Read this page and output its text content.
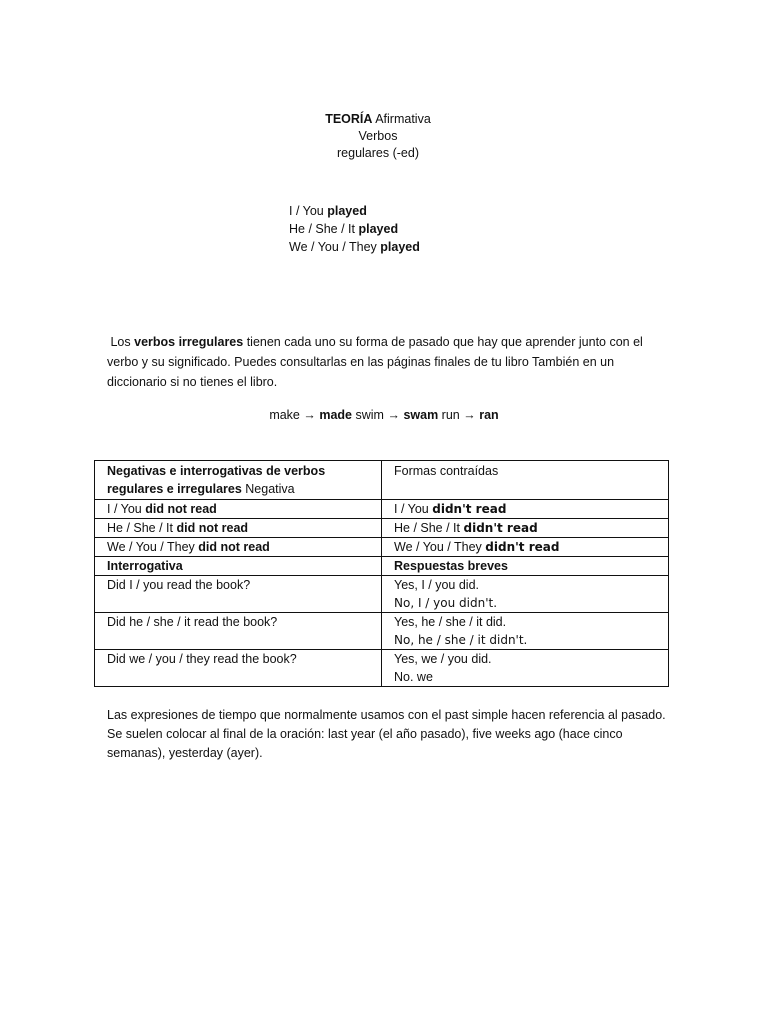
TEORÍA Afirmativa
Verbos
regulares (-ed)
I / You played
He / She / It played
We / You / They played
Los verbos irregulares tienen cada uno su forma de pasado que hay que aprender junto con el verbo y su significado. Puedes consultarlas en las páginas finales de tu libro También en un diccionario si no tienes el libro.
make → made swim → swam run → ran
Negativas e interrogativas de verbos regulares e irregulares Negativa	Formas contraídas
I / You did not read	I / You didn't read
He / She / It did not read	He / She / It didn't read
We / You / They did not read	We / You / They didn't read
Interrogativa	Respuestas breves
Did I / you read the book?	Yes, I / you did.
No, I / you didn't.

Did he / she / it read the book?	Yes, he / she / it did.
No, he / she / it didn't.

Did we / you / they read the book?	Yes, we / you did.
No. we
Las expresiones de tiempo que normalmente usamos con el past simple hacen referencia al pasado. Se suelen colocar al final de la oración: last year (el año pasado), five weeks ago (hace cinco semanas), yesterday (ayer).
